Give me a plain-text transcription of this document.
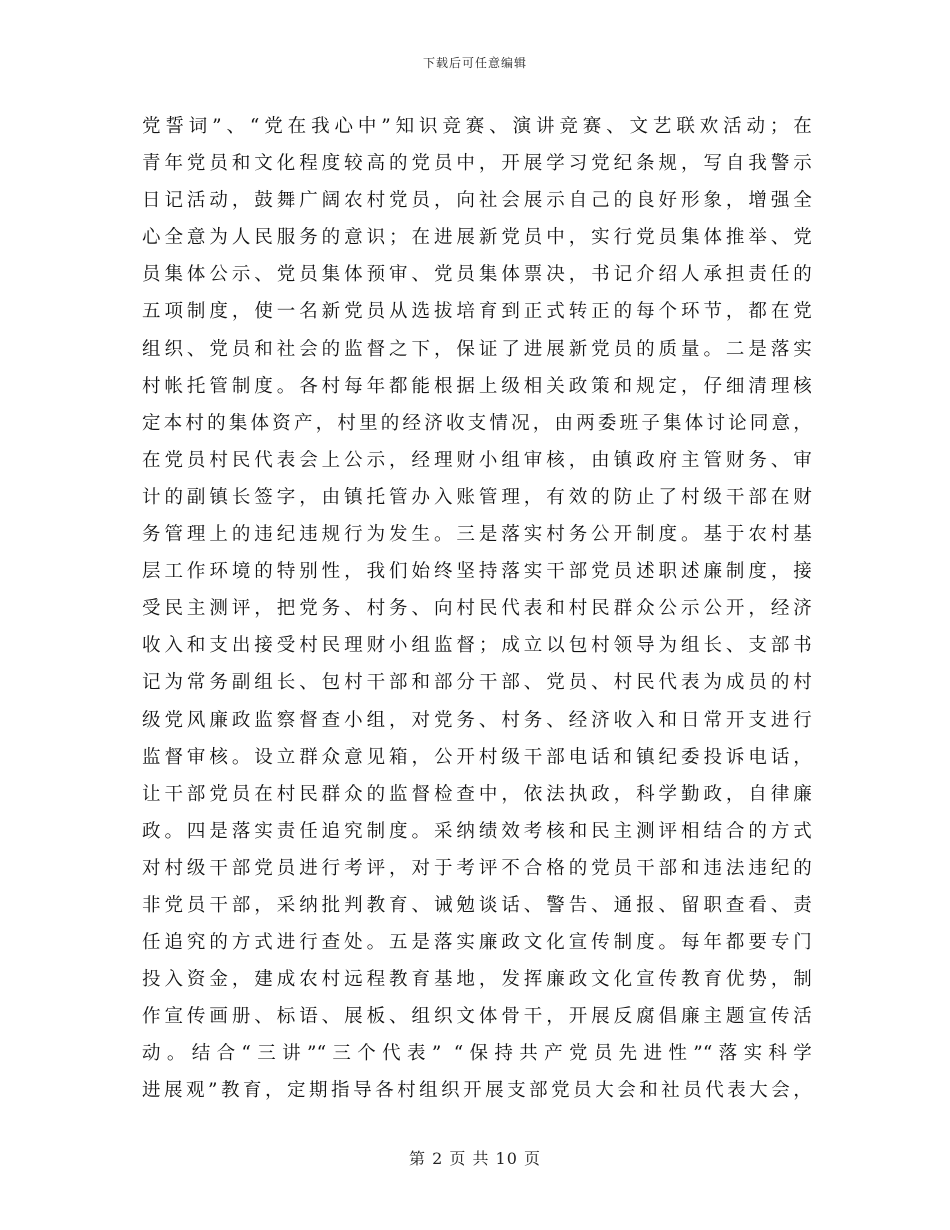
下载后可任意编辑
党誓词”、“党在我心中”知识竞赛、演讲竞赛、文艺联欢活动；在
青年党员和文化程度较高的党员中，开展学习党纪条规，写自我警示
日记活动，鼓舞广阔农村党员，向社会展示自己的良好形象，增强全
心全意为人民服务的意识；在进展新党员中，实行党员集体推举、党
员集体公示、党员集体预审、党员集体票决，书记介绍人承担责任的
五项制度，使一名新党员从选拔培育到正式转正的每个环节，都在党
组织、党员和社会的监督之下，保证了进展新党员的质量。二是落实
村帐托管制度。各村每年都能根据上级相关政策和规定，仔细清理核
定本村的集体资产，村里的经济收支情况，由两委班子集体讨论同意，
在党员村民代表会上公示，经理财小组审核，由镇政府主管财务、审
计的副镇长签字，由镇托管办入账管理，有效的防止了村级干部在财
务管理上的违纪违规行为发生。三是落实村务公开制度。基于农村基
层工作环境的特别性，我们始终坚持落实干部党员述职述廉制度，接
受民主测评，把党务、村务、向村民代表和村民群众公示公开，经济
收入和支出接受村民理财小组监督；成立以包村领导为组长、支部书
记为常务副组长、包村干部和部分干部、党员、村民代表为成员的村
级党风廉政监察督查小组，对党务、村务、经济收入和日常开支进行
监督审核。设立群众意见箱，公开村级干部电话和镇纪委投诉电话，
让干部党员在村民群众的监督检查中，依法执政，科学勤政，自律廉
政。四是落实责任追究制度。采纳绩效考核和民主测评相结合的方式
对村级干部党员进行考评，对于考评不合格的党员干部和违法违纪的
非党员干部，采纳批判教育、诫勉谈话、警告、通报、留职查看、责
任追究的方式进行查处。五是落实廉政文化宣传制度。每年都要专门
投入资金，建成农村远程教育基地，发挥廉政文化宣传教育优势，制
作宣传画册、标语、展板、组织文体骨干，开展反腐倡廉主题宣传活
动。结合“三讲”“三个代表” “保持共产党员先进性”“落实科学
进展观”教育，定期指导各村组织开展支部党员大会和社员代表大会，
第 2 页 共 10 页
